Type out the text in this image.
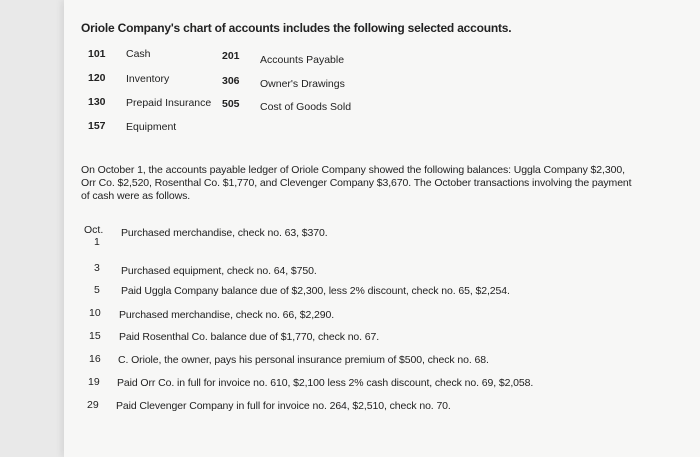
Oriole Company's chart of accounts includes the following selected accounts.
101 Cash
120 Inventory
130 Prepaid Insurance
157 Equipment
201 Accounts Payable
306 Owner's Drawings
505 Cost of Goods Sold
On October 1, the accounts payable ledger of Oriole Company showed the following balances: Uggla Company $2,300, Orr Co. $2,520, Rosenthal Co. $1,770, and Clevenger Company $3,670. The October transactions involving the payment of cash were as follows.
Oct.
1
Purchased merchandise, check no. 63, $370.
3 Purchased equipment, check no. 64, $750.
5 Paid Uggla Company balance due of $2,300, less 2% discount, check no. 65, $2,254.
10 Purchased merchandise, check no. 66, $2,290.
15 Paid Rosenthal Co. balance due of $1,770, check no. 67.
16 C. Oriole, the owner, pays his personal insurance premium of $500, check no. 68.
19 Paid Orr Co. in full for invoice no. 610, $2,100 less 2% cash discount, check no. 69, $2,058.
29 Paid Clevenger Company in full for invoice no. 264, $2,510, check no. 70.
